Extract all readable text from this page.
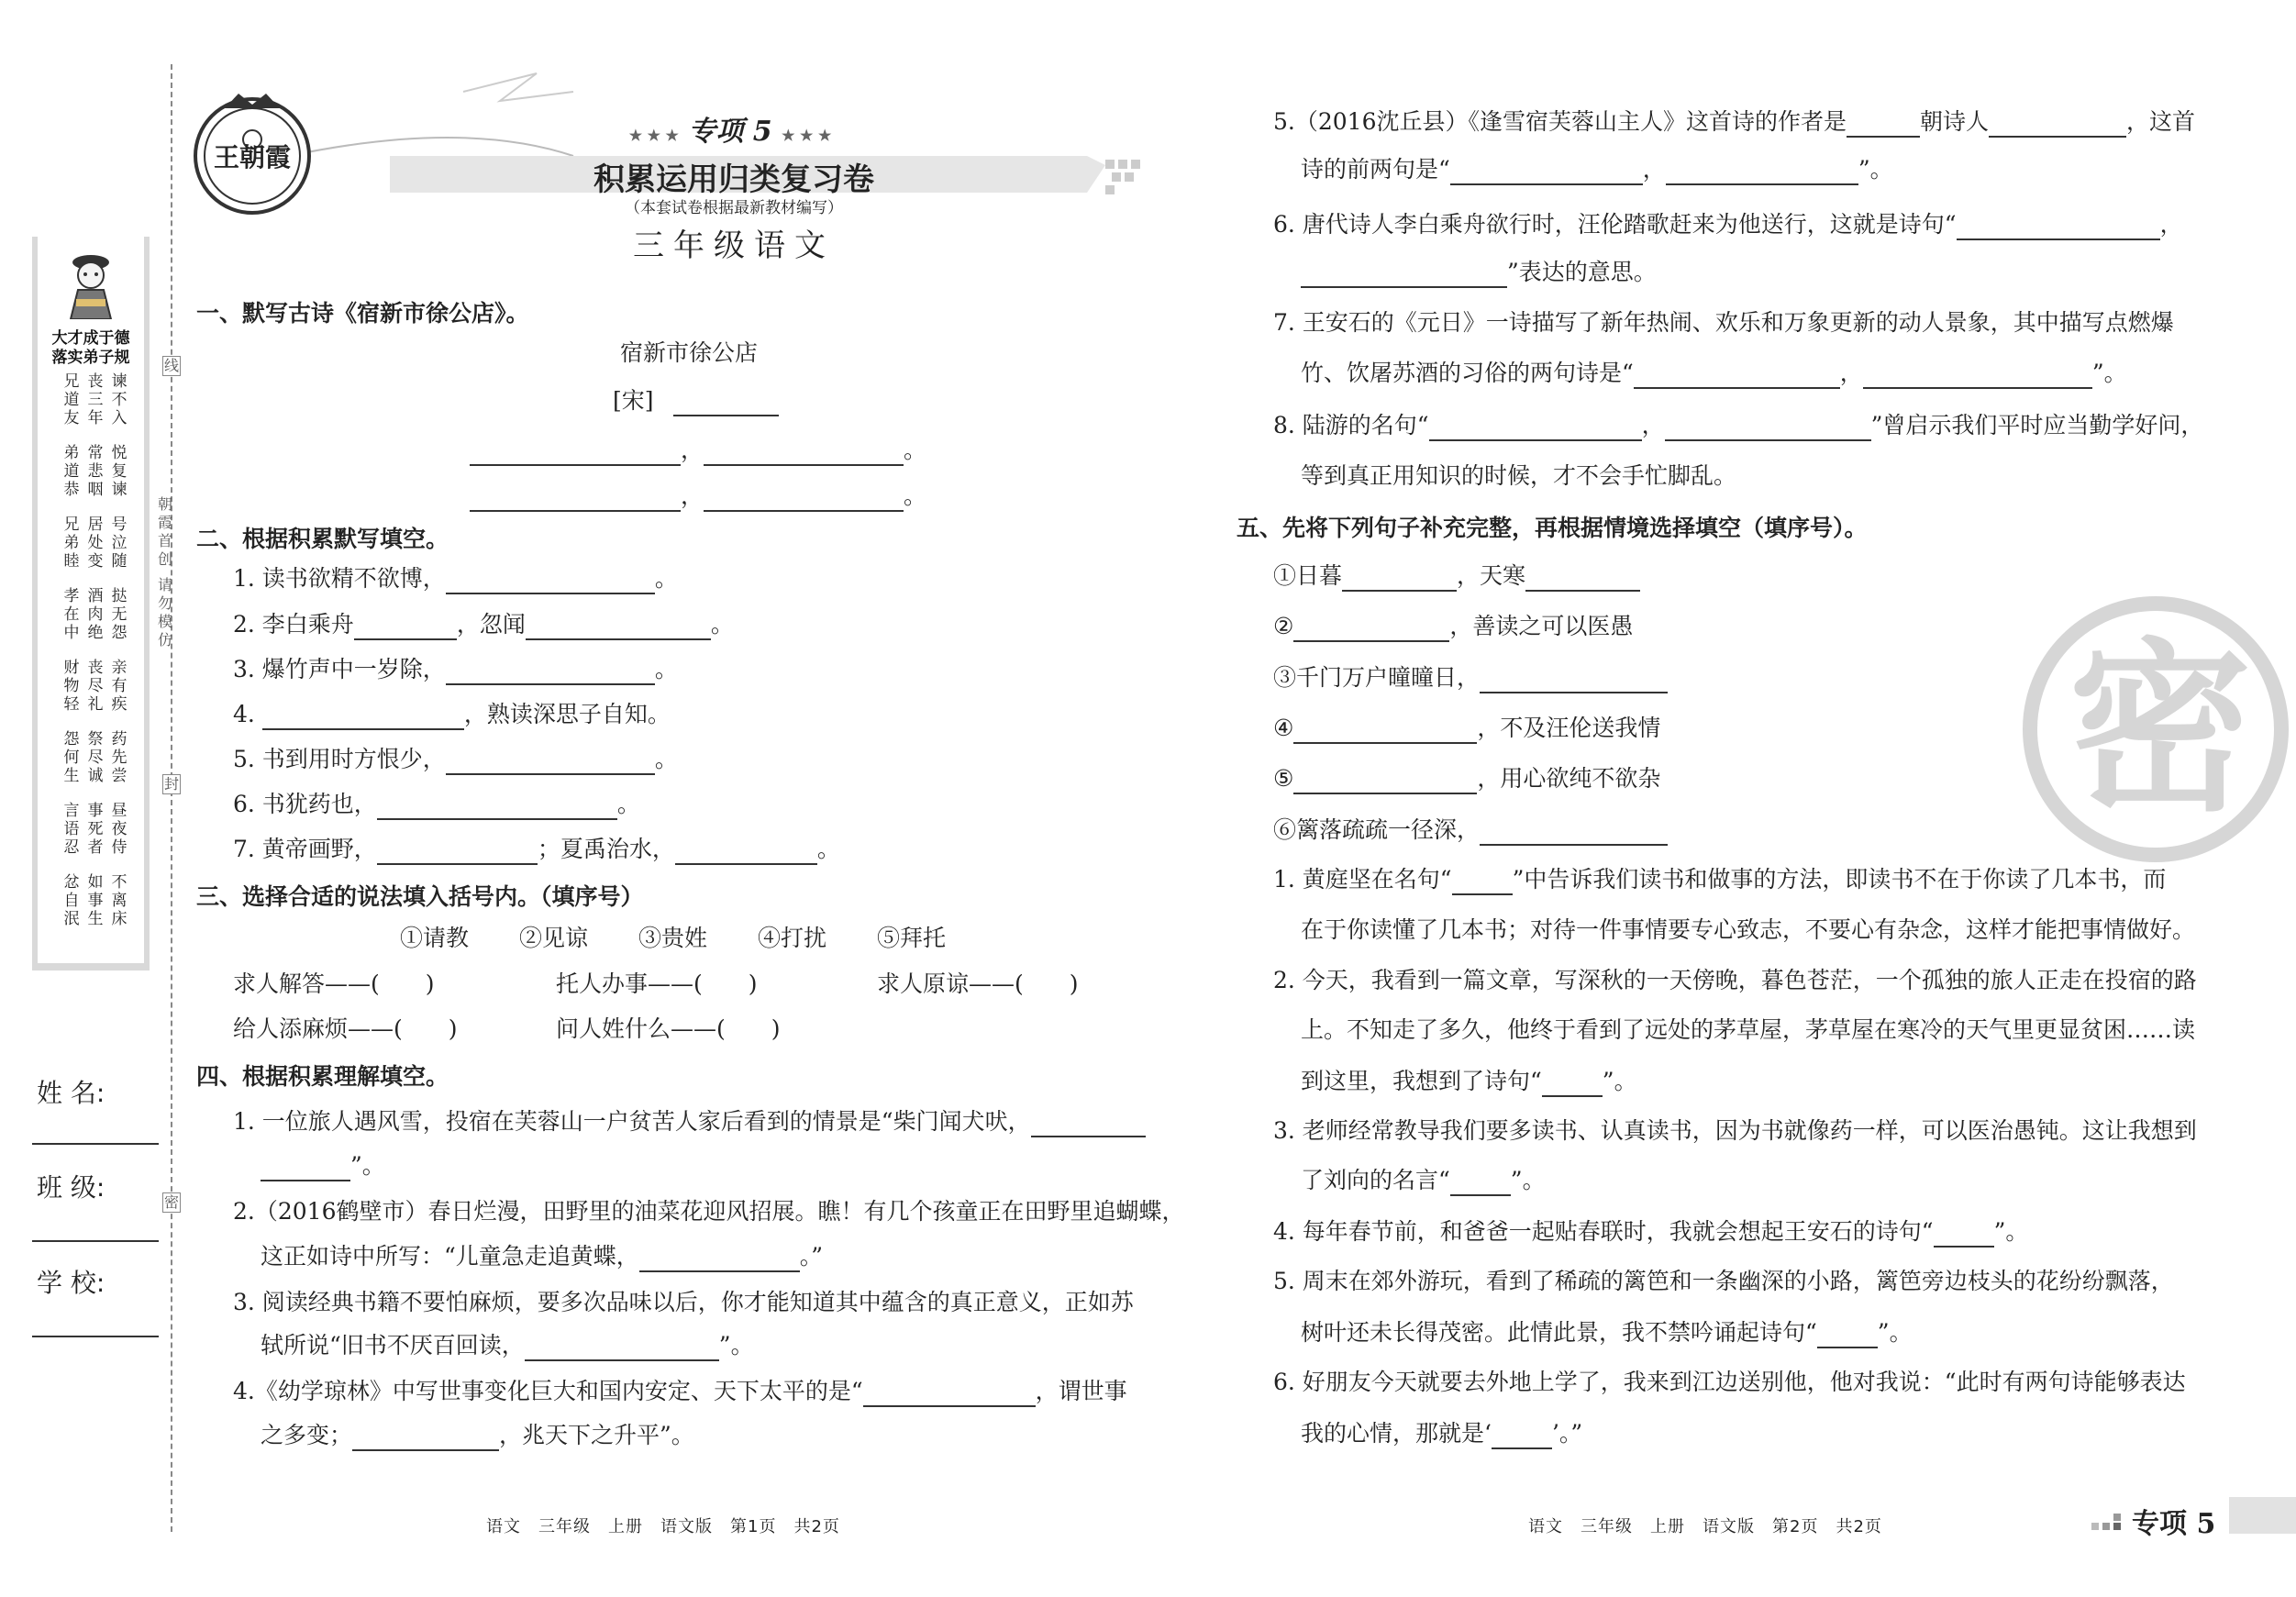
线
朝霞首创
请勿模仿
封
密
大才成于德
落实弟子规
谏
不
入
悦
复
谏
号
泣
随
挞
无
怨
亲
有
疾
药
先
尝
昼
夜
侍
不
离
床
丧
三
年
常
悲
咽
居
处
变
酒
肉
绝
丧
尽
礼
祭
尽
诚
事
死
者
如
事
生
兄
道
友
弟
道
恭
兄
弟
睦
孝
在
中
财
物
轻
怨
何
生
言
语
忍
忿
自
泯
姓 名:
班 级:
学 校:
王朝霞
★ ★ ★ 专项 5 ★ ★ ★
积累运用归类复习卷
（本套试卷根据最新教材编写）
三年级语文
一、默写古诗《宿新市徐公店》。
宿新市徐公店
[宋]
，	。
，	。
二、根据积累默写填空。
1. 读书欲精不欲博，	。
2. 李白乘舟	，忽闻	。
3. 爆竹声中一岁除，	。
4.	，熟读深思子自知。
5. 书到用时方恨少，	。
6. 书犹药也，	。
7. 黄帝画野，	；夏禹治水，	。
三、选择合适的说法填入括号内。（填序号）
①请教 ②见谅 ③贵姓 ④打扰 ⑤拜托
求人解答——(　　)	托人办事——(　　)	求人原谅——(　　)
给人添麻烦——(　　)	问人姓什么——(　　)
四、根据积累理解填空。
1. 一位旅人遇风雪，投宿在芙蓉山一户贫苦人家后看到的情景是“柴门闻犬吠，
”。
2.（2016鹤壁市）春日烂漫，田野里的油菜花迎风招展。瞧！有几个孩童正在田野里追蝴蝶，
这正如诗中所写：“儿童急走追黄蝶，	。”
3. 阅读经典书籍不要怕麻烦，要多次品味以后，你才能知道其中蕴含的真正意义，正如苏
轼所说“旧书不厌百回读，	”。
4.《幼学琼林》中写世事变化巨大和国内安定、天下太平的是“	，谓世事
之多变；	，兆天下之升平”。
语文　三年级　上册　语文版　第1页　共2页
5.（2016沈丘县）《逢雪宿芙蓉山主人》这首诗的作者是	朝诗人	，这首
诗的前两句是“	，	”。
6. 唐代诗人李白乘舟欲行时，汪伦踏歌赶来为他送行，这就是诗句“	，
”表达的意思。
7. 王安石的《元日》一诗描写了新年热闹、欢乐和万象更新的动人景象，其中描写点燃爆
竹、饮屠苏酒的习俗的两句诗是“	，	”。
8. 陆游的名句“	，	”曾启示我们平时应当勤学好问，
等到真正用知识的时候，才不会手忙脚乱。
五、先将下列句子补充完整，再根据情境选择填空（填序号）。
①日暮	，天寒
②	，善读之可以医愚
③千门万户曈曈日，
④	，不及汪伦送我情
⑤	，用心欲纯不欲杂
⑥篱落疏疏一径深，
1. 黄庭坚在名句“	”中告诉我们读书和做事的方法，即读书不在于你读了几本书，而
在于你读懂了几本书；对待一件事情要专心致志，不要心有杂念，这样才能把事情做好。
2. 今天，我看到一篇文章，写深秋的一天傍晚，暮色苍茫，一个孤独的旅人正走在投宿的路
上。不知走了多久，他终于看到了远处的茅草屋，茅草屋在寒冷的天气里更显贫困……读
到这里，我想到了诗句“	”。
3. 老师经常教导我们要多读书、认真读书，因为书就像药一样，可以医治愚钝。这让我想到
了刘向的名言“	”。
4. 每年春节前，和爸爸一起贴春联时，我就会想起王安石的诗句“	”。
5. 周末在郊外游玩，看到了稀疏的篱笆和一条幽深的小路，篱笆旁边枝头的花纷纷飘落，
树叶还未长得茂密。此情此景，我不禁吟诵起诗句“	”。
6. 好朋友今天就要去外地上学了，我来到江边送别他，他对我说：“此时有两句诗能够表达
我的心情，那就是‘	’。”
密
语文　三年级　上册　语文版　第2页　共2页	专项 5
